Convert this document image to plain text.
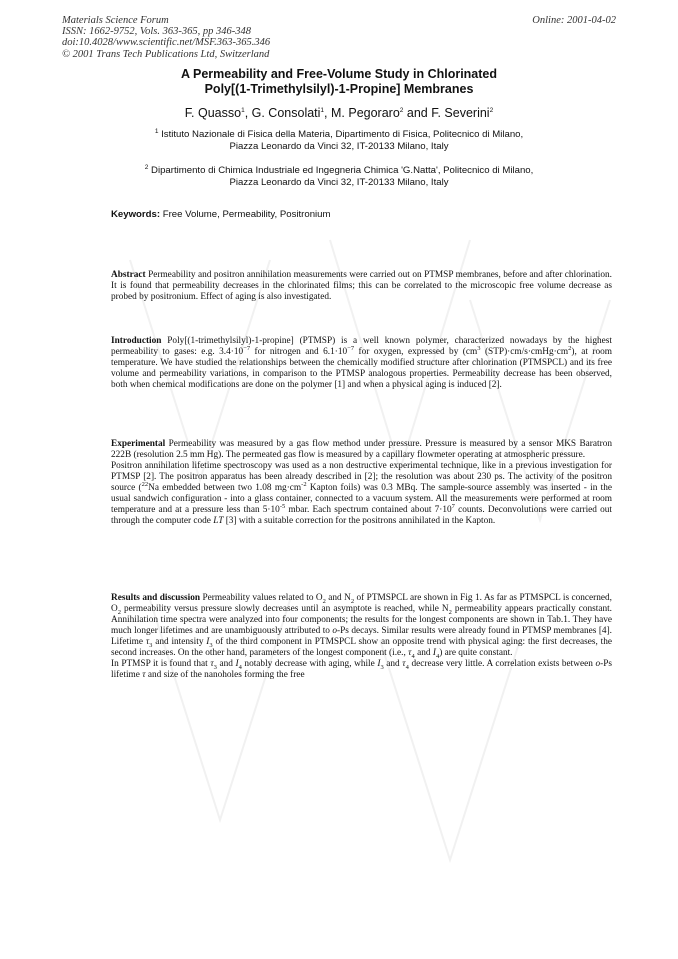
Materials Science Forum
ISSN: 1662-9752, Vols. 363-365, pp 346-348
doi:10.4028/www.scientific.net/MSF.363-365.346
© 2001 Trans Tech Publications Ltd, Switzerland
Online: 2001-04-02
A Permeability and Free-Volume Study in Chlorinated
Poly[(1-Trimethylsilyl)-1-Propine] Membranes
F. Quasso$^1$, G. Consolati$^1$, M. Pegoraro$^2$ and F. Severini$^2$
$^1$ Istituto Nazionale di Fisica della Materia, Dipartimento di Fisica, Politecnico di Milano,
Piazza Leonardo da Vinci 32, IT-20133 Milano, Italy
$^2$ Dipartimento di Chimica Industriale ed Ingegneria Chimica 'G.Natta', Politecnico di Milano,
Piazza Leonardo da Vinci 32, IT-20133 Milano, Italy
Keywords: Free Volume, Permeability, Positronium
Abstract Permeability and positron annihilation measurements were carried out on PTMSP membranes, before and after chlorination. It is found that permeability decreases in the chlorinated films; this can be correlated to the microscopic free volume decrease as probed by positronium. Effect of aging is also investigated.
Introduction Poly[(1-trimethylsilyl)-1-propine] (PTMSP) is a well known polymer, characterized nowadays by the highest permeability to gases: e.g. $3.4\cdot 10^{-7}$ for nitrogen and $6.1\cdot 10^{-7}$ for oxygen, expressed by ($cm^3$ $(STP)\cdot cm/s\cdot cmHg\cdot cm^2$), at room temperature. We have studied the relationships between the chemically modified structure after chlorination (PTMSPCL) and its free volume and permeability variations, in comparison to the PTMSP analogous properties. Permeability decrease has been observed, both when chemical modifications are done on the polymer [1] and when a physical aging is induced [2].
Experimental Permeability was measured by a gas flow method under pressure. Pressure is measured by a sensor MKS Baratron 222B (resolution 2.5 mm Hg). The permeated gas flow is measured by a capillary flowmeter operating at atmospheric pressure.
Positron annihilation lifetime spectroscopy was used as a non destructive experimental technique, like in a previous investigation for PTMSP [2]. The positron apparatus has been already described in [2]; the resolution was about 230 ps. The activity of the positron source ($^{22}$Na embedded between two 1.08 $mg\cdot cm^{-2}$ Kapton foils) was 0.3 MBq. The sample-source assembly was inserted - in the usual sandwich configuration - into a glass container, connected to a vacuum system. All the measurements were performed at room temperature and at a pressure less than $5\cdot 10^{-5}$ mbar. Each spectrum contained about $7\cdot 10^7$ counts. Deconvolutions were carried out through the computer code LT [3] with a suitable correction for the positrons annihilated in the Kapton.
Results and discussion Permeability values related to $O_2$ and $N_2$ of PTMSPCL are shown in Fig 1. As far as PTMSPCL is concerned, $O_2$ permeability versus pressure slowly decreases until an asymptote is reached, while $N_2$ permeability appears practically constant. Annihilation time spectra were analyzed into four components; the results for the longest components are shown in Tab.1. They have much longer lifetimes and are unambiguously attributed to o-Ps decays. Similar results were already found in PTMSP membranes [4]. Lifetime $\tau_3$ and intensity $I_3$ of the third component in PTMSPCL show an opposite trend with physical aging: the first decreases, the second increases. On the other hand, parameters of the longest component (i.e., $\tau_4$ and $I_4$) are quite constant.
In PTMSP it is found that $\tau_3$ and $I_4$ notably decrease with aging, while $I_3$ and $\tau_4$ decrease very little. A correlation exists between o-Ps lifetime τ and size of the nanoholes forming the free
